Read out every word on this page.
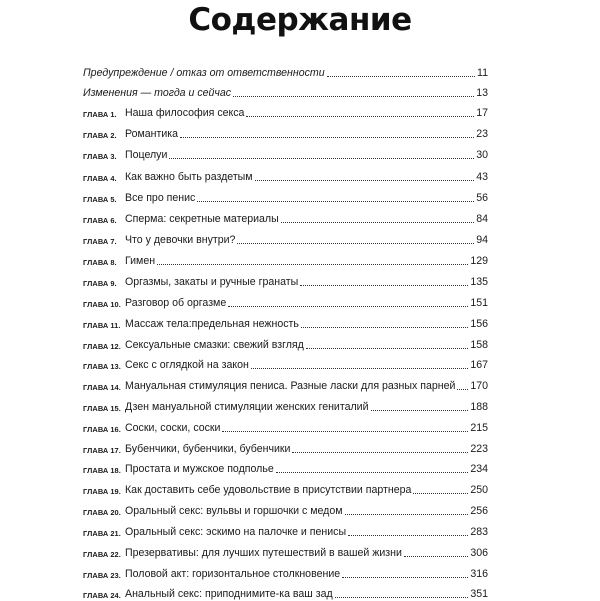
Содержание
Предупреждение / отказ от ответственности	11
Изменения — тогда и сейчас	13
ГЛАВА 1. Наша философия секса	17
ГЛАВА 2. Романтика	23
ГЛАВА 3. Поцелуи	30
ГЛАВА 4. Как важно быть раздетым	43
ГЛАВА 5. Все про пенис	56
ГЛАВА 6. Сперма: секретные материалы	84
ГЛАВА 7. Что у девочки внутри?	94
ГЛАВА 8. Гимен	129
ГЛАВА 9. Оргазмы, закаты и ручные гранаты	135
ГЛАВА 10. Разговор об оргазме	151
ГЛАВА 11. Массаж тела:предельная нежность	156
ГЛАВА 12. Сексуальные смазки: свежий взгляд	158
ГЛАВА 13. Секс с оглядкой на закон	167
ГЛАВА 14. Мануальная стимуляция пениса. Разные ласки для разных парней 170
ГЛАВА 15. Дзен мануальной стимуляции женских гениталий	188
ГЛАВА 16. Соски, соски, соски	215
ГЛАВА 17. Бубенчики, бубенчики, бубенчики	223
ГЛАВА 18. Простата и мужское подполье	234
ГЛАВА 19. Как доставить себе удовольствие в присутствии партнера	250
ГЛАВА 20. Оральный секс: вульвы и горшочки с медом	256
ГЛАВА 21. Оральный секс: эскимо на палочке и пенисы	283
ГЛАВА 22. Презервативы: для лучших путешествий в вашей жизни	306
ГЛАВА 23. Половой акт: горизонтальное столкновение	316
ГЛАВА 24. Анальный секс: приподнимите-ка ваш зад	351
